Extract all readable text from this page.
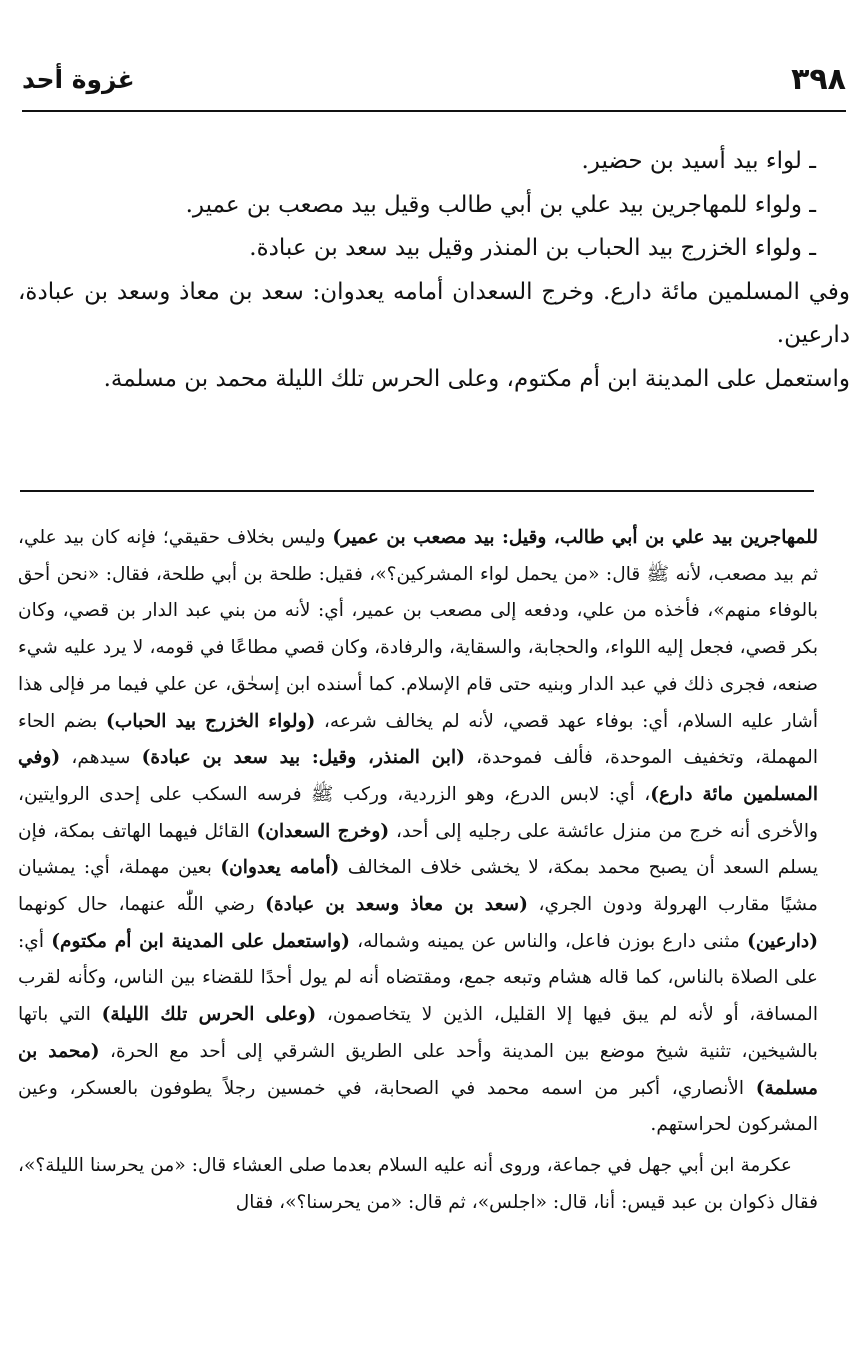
٣٩٨
غزوة أحد

ـ لواء بيد أسيد بن حضير.

ـ ولواء للمهاجرين بيد علي بن أبي طالب وقيل بيد مصعب بن عمير.

ـ ولواء الخزرج بيد الحباب بن المنذر وقيل بيد سعد بن عبادة.

وفي المسلمين مائة دارع. وخرج السعدان أمامه يعدوان: سعد بن معاذ وسعد بن عبادة، دارعين.

واستعمل على المدينة ابن أم مكتوم، وعلى الحرس تلك الليلة محمد بن مسلمة.

للمهاجرين بيد علي بن أبي طالب، وقيل: بيد مصعب بن عمير) وليس بخلاف حقيقي؛ فإنه كان بيد علي، ثم بيد مصعب، لأنه ﷺ قال: «من يحمل لواء المشركين؟»، فقيل: طلحة بن أبي طلحة، فقال: «نحن أحق بالوفاء منهم»، فأخذه من علي، ودفعه إلى مصعب بن عمير، أي: لأنه من بني عبد الدار بن قصي، وكان بكر قصي، فجعل إليه اللواء، والحجابة، والسقاية، والرفادة، وكان قصي مطاعًا في قومه، لا يرد عليه شيء صنعه، فجرى ذلك في عبد الدار وبنيه حتى قام الإسلام. كما أسنده ابن إسحٰق، عن علي فيما مر فإلى هذا أشار عليه السلام، أي: بوفاء عهد قصي، لأنه لم يخالف شرعه، (ولواء الخزرج بيد الحباب) بضم الحاء المهملة، وتخفيف الموحدة، فألف فموحدة، (ابن المنذر، وقيل: بيد سعد بن عبادة) سيدهم، (وفي المسلمين مائة دارع)، أي: لابس الدرع، وهو الزردية، وركب ﷺ فرسه السكب على إحدى الروايتين، والأخرى أنه خرج من منزل عائشة على رجليه إلى أحد، (وخرج السعدان) القائل فيهما الهاتف بمكة، فإن يسلم السعد أن يصبح محمد بمكة، لا يخشى خلاف المخالف (أمامه يعدوان) بعين مهملة، أي: يمشيان مشيًا مقارب الهرولة ودون الجري، (سعد بن معاذ وسعد بن عبادة) رضي اللّٰه عنهما، حال كونهما (دارعين) مثنى دارع بوزن فاعل، والناس عن يمينه وشماله، (واستعمل على المدينة ابن أم مكتوم) أي: على الصلاة بالناس، كما قاله هشام وتبعه جمع، ومقتضاه أنه لم يول أحدًا للقضاء بين الناس، وكأنه لقرب المسافة، أو لأنه لم يبق فيها إلا القليل، الذين لا يتخاصمون، (وعلى الحرس تلك الليلة) التي باتها بالشيخين، تثنية شيخ موضع بين المدينة وأحد على الطريق الشرقي إلى أحد مع الحرة، (محمد بن مسلمة) الأنصاري، أكبر من اسمه محمد في الصحابة، في خمسين رجلاً يطوفون بالعسكر، وعين المشركون لحراستهم.

عكرمة ابن أبي جهل في جماعة، وروى أنه عليه السلام بعدما صلى العشاء قال: «من يحرسنا الليلة؟»، فقال ذكوان بن عبد قيس: أنا، قال: «اجلس»، ثم قال: «من يحرسنا؟»، فقال
